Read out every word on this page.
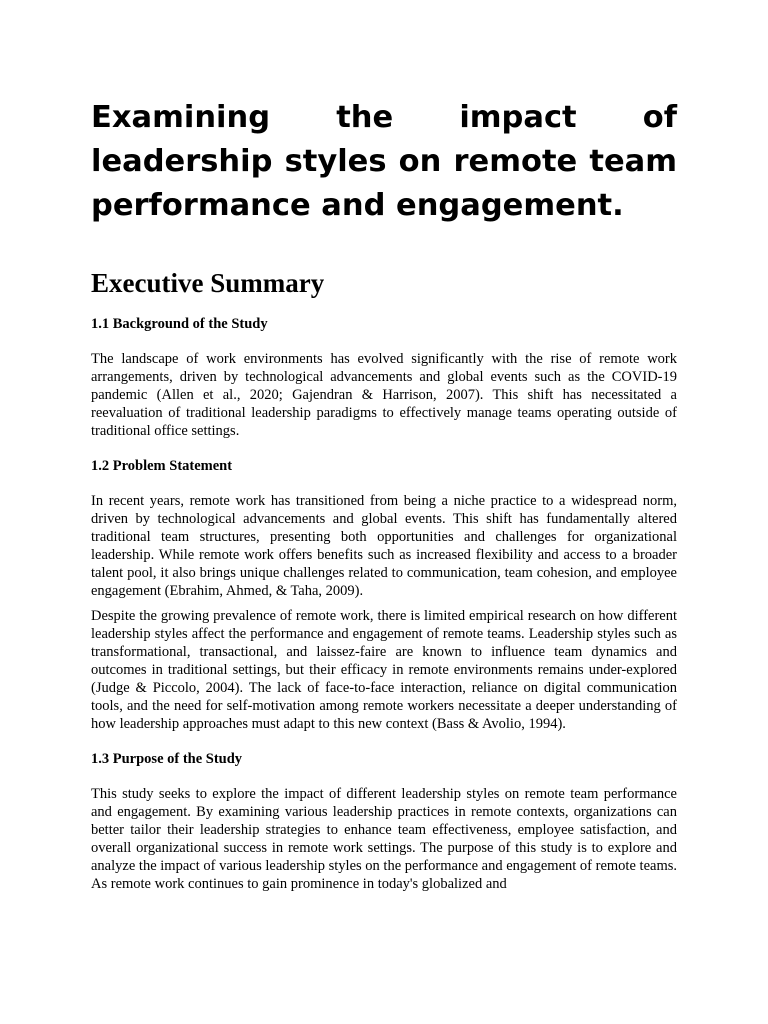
Examining the impact of leadership styles on remote team performance and engagement.
Executive Summary
1.1 Background of the Study

The landscape of work environments has evolved significantly with the rise of remote work arrangements, driven by technological advancements and global events such as the COVID-19 pandemic (Allen et al., 2020; Gajendran & Harrison, 2007). This shift has necessitated a reevaluation of traditional leadership paradigms to effectively manage teams operating outside of traditional office settings.

1.2 Problem Statement

In recent years, remote work has transitioned from being a niche practice to a widespread norm, driven by technological advancements and global events. This shift has fundamentally altered traditional team structures, presenting both opportunities and challenges for organizational leadership. While remote work offers benefits such as increased flexibility and access to a broader talent pool, it also brings unique challenges related to communication, team cohesion, and employee engagement (Ebrahim, Ahmed, & Taha, 2009).

Despite the growing prevalence of remote work, there is limited empirical research on how different leadership styles affect the performance and engagement of remote teams. Leadership styles such as transformational, transactional, and laissez-faire are known to influence team dynamics and outcomes in traditional settings, but their efficacy in remote environments remains under-explored (Judge & Piccolo, 2004). The lack of face-to-face interaction, reliance on digital communication tools, and the need for self-motivation among remote workers necessitate a deeper understanding of how leadership approaches must adapt to this new context (Bass & Avolio, 1994).

1.3 Purpose of the Study

This study seeks to explore the impact of different leadership styles on remote team performance and engagement. By examining various leadership practices in remote contexts, organizations can better tailor their leadership strategies to enhance team effectiveness, employee satisfaction, and overall organizational success in remote work settings. The purpose of this study is to explore and analyze the impact of various leadership styles on the performance and engagement of remote teams. As remote work continues to gain prominence in today's globalized and
